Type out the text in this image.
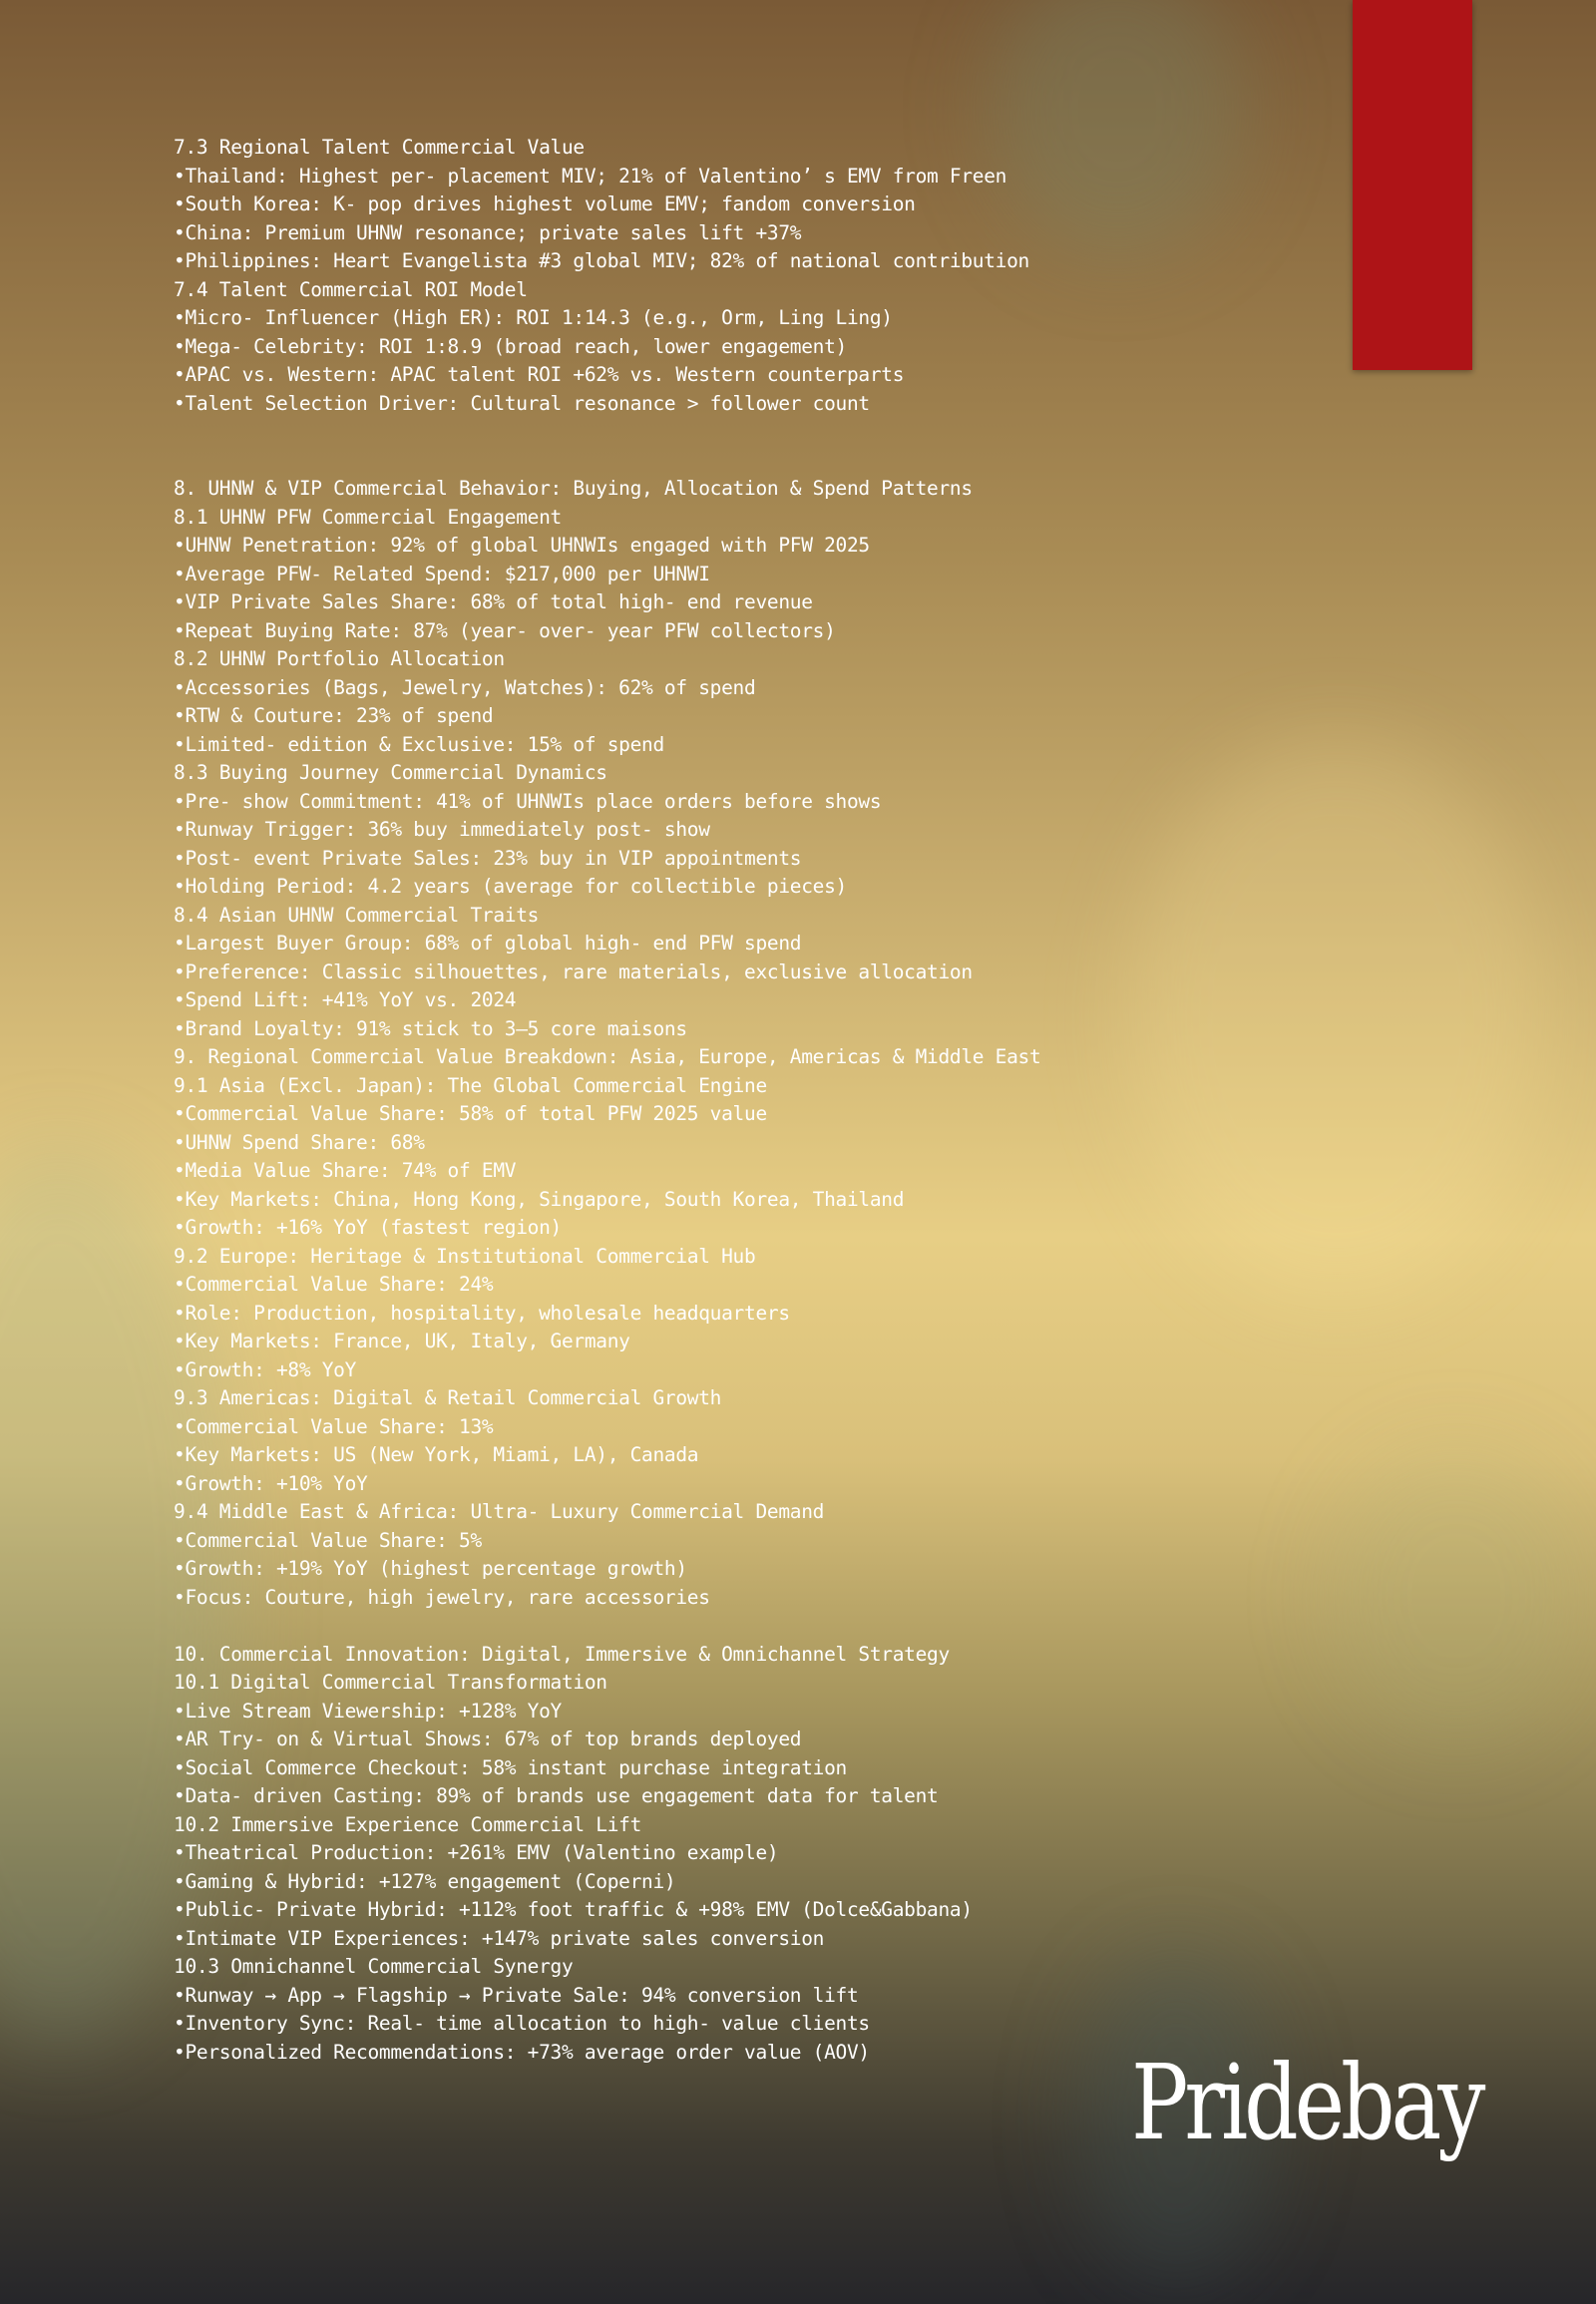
7.3 Regional Talent Commercial Value
•Thailand: Highest per- placement MIV; 21% of Valentino’ s EMV from Freen
•South Korea: K- pop drives highest volume EMV; fandom conversion
•China: Premium UHNW resonance; private sales lift +37%
•Philippines: Heart Evangelista #3 global MIV; 82% of national contribution
7.4 Talent Commercial ROI Model
•Micro- Influencer (High ER): ROI 1:14.3 (e.g., Orm, Ling Ling)
•Mega- Celebrity: ROI 1:8.9 (broad reach, lower engagement)
•APAC vs. Western: APAC talent ROI +62% vs. Western counterparts
•Talent Selection Driver: Cultural resonance > follower count
8. UHNW & VIP Commercial Behavior: Buying, Allocation & Spend Patterns
8.1 UHNW PFW Commercial Engagement
•UHNW Penetration: 92% of global UHNWIs engaged with PFW 2025
•Average PFW- Related Spend: $217,000 per UHNWI
•VIP Private Sales Share: 68% of total high- end revenue
•Repeat Buying Rate: 87% (year- over- year PFW collectors)
8.2 UHNW Portfolio Allocation
•Accessories (Bags, Jewelry, Watches): 62% of spend
•RTW & Couture: 23% of spend
•Limited- edition & Exclusive: 15% of spend
8.3 Buying Journey Commercial Dynamics
•Pre- show Commitment: 41% of UHNWIs place orders before shows
•Runway Trigger: 36% buy immediately post- show
•Post- event Private Sales: 23% buy in VIP appointments
•Holding Period: 4.2 years (average for collectible pieces)
8.4 Asian UHNW Commercial Traits
•Largest Buyer Group: 68% of global high- end PFW spend
•Preference: Classic silhouettes, rare materials, exclusive allocation
•Spend Lift: +41% YoY vs. 2024
•Brand Loyalty: 91% stick to 3–5 core maisons
9. Regional Commercial Value Breakdown: Asia, Europe, Americas & Middle East
9.1 Asia (Excl. Japan): The Global Commercial Engine
•Commercial Value Share: 58% of total PFW 2025 value
•UHNW Spend Share: 68%
•Media Value Share: 74% of EMV
•Key Markets: China, Hong Kong, Singapore, South Korea, Thailand
•Growth: +16% YoY (fastest region)
9.2 Europe: Heritage & Institutional Commercial Hub
•Commercial Value Share: 24%
•Role: Production, hospitality, wholesale headquarters
•Key Markets: France, UK, Italy, Germany
•Growth: +8% YoY
9.3 Americas: Digital & Retail Commercial Growth
•Commercial Value Share: 13%
•Key Markets: US (New York, Miami, LA), Canada
•Growth: +10% YoY
9.4 Middle East & Africa: Ultra- Luxury Commercial Demand
•Commercial Value Share: 5%
•Growth: +19% YoY (highest percentage growth)
•Focus: Couture, high jewelry, rare accessories
10. Commercial Innovation: Digital, Immersive & Omnichannel Strategy
10.1 Digital Commercial Transformation
•Live Stream Viewership: +128% YoY
•AR Try- on & Virtual Shows: 67% of top brands deployed
•Social Commerce Checkout: 58% instant purchase integration
•Data- driven Casting: 89% of brands use engagement data for talent
10.2 Immersive Experience Commercial Lift
•Theatrical Production: +261% EMV (Valentino example)
•Gaming & Hybrid: +127% engagement (Coperni)
•Public- Private Hybrid: +112% foot traffic & +98% EMV (Dolce&Gabbana)
•Intimate VIP Experiences: +147% private sales conversion
10.3 Omnichannel Commercial Synergy
•Runway → App → Flagship → Private Sale: 94% conversion lift
•Inventory Sync: Real- time allocation to high- value clients
•Personalized Recommendations: +73% average order value (AOV)	Pridebay
